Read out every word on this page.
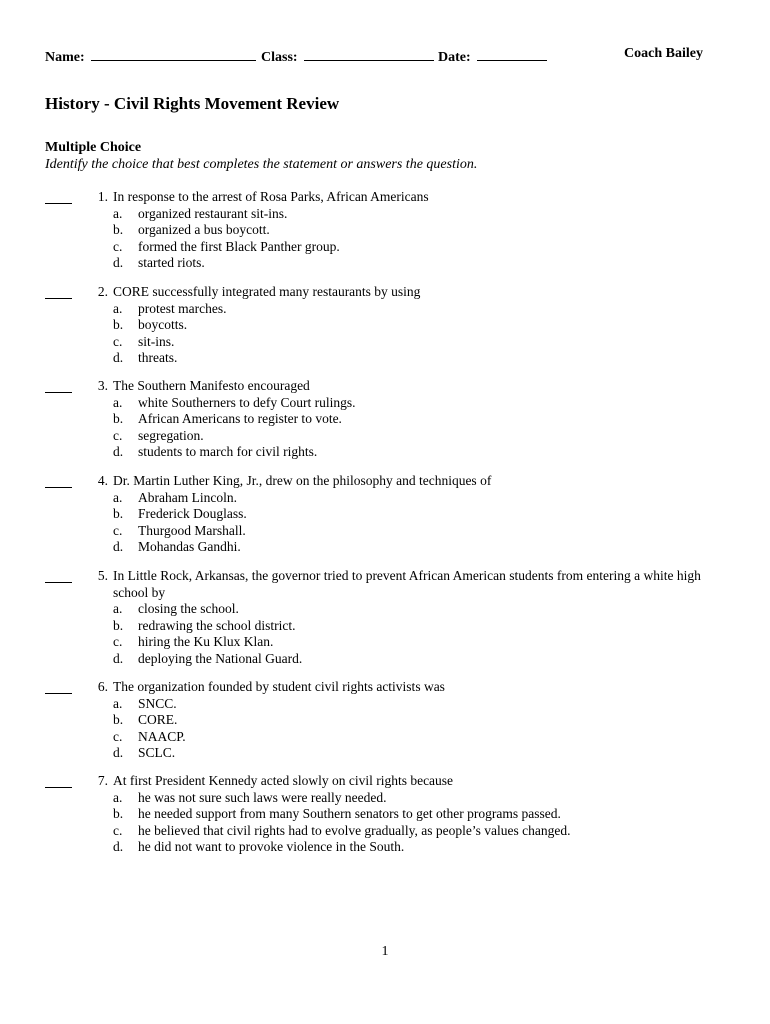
Name:	Class:	Date:	Coach Bailey
History - Civil Rights Movement Review
Multiple Choice
Identify the choice that best completes the statement or answers the question.
1. In response to the arrest of Rosa Parks, African Americans
a.	organized restaurant sit-ins.
b. organized a bus boycott.
c.	formed the first Black Panther group.
d. started riots.
2. CORE successfully integrated many restaurants by using
a.	protest marches.
b. boycotts.
c.	sit-ins.
d. threats.
3. The Southern Manifesto encouraged
a.	white Southerners to defy Court rulings.
b. African Americans to register to vote.
c.	segregation.
d. students to march for civil rights.
4. Dr. Martin Luther King, Jr., drew on the philosophy and techniques of
a.	Abraham Lincoln.
b. Frederick Douglass.
c.	Thurgood Marshall.
d. Mohandas Gandhi.
5. In Little Rock, Arkansas, the governor tried to prevent African American students from entering a white high school by
a.	closing the school.
b. redrawing the school district.
c.	hiring the Ku Klux Klan.
d. deploying the National Guard.
6. The organization founded by student civil rights activists was
a.	SNCC.
b. CORE.
c.	NAACP.
d. SCLC.
7. At first President Kennedy acted slowly on civil rights because
a.	he was not sure such laws were really needed.
b. he needed support from many Southern senators to get other programs passed.
c.	he believed that civil rights had to evolve gradually, as people’s values changed.
d. he did not want to provoke violence in the South.
1
